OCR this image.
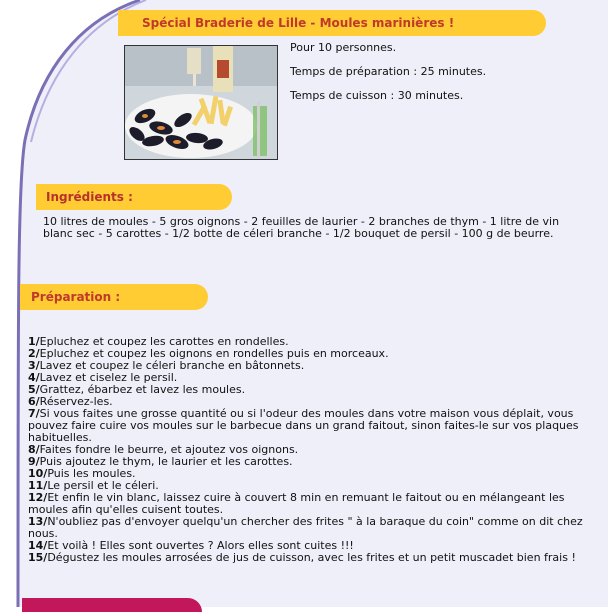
Spécial Braderie de Lille - Moules marinières !

Pour 10 personnes.

Temps de préparation : 25 minutes.

Temps de cuisson : 30 minutes.

Ingrédients :
10 litres de moules - 5 gros oignons - 2 feuilles de laurier - 2 branches de thym - 1 litre de vin blanc sec - 5 carottes - 1/2 botte de céleri branche - 1/2 bouquet de persil - 100 g de beurre.
Préparation :

1/Epluchez et coupez les carottes en rondelles.

2/Epluchez et coupez les oignons en rondelles puis en morceaux.

3/Lavez et coupez le céleri branche en bâtonnets.

4/Lavez et ciselez le persil.

5/Grattez, ébarbez et lavez les moules.

6/Réservez-les.

7/Si vous faites une grosse quantité ou si l'odeur des moules dans votre maison vous déplait, vous pouvez faire cuire vos moules sur le barbecue dans un grand faitout, sinon faites-le sur vos plaques habituelles.

8/Faites fondre le beurre, et ajoutez vos oignons.

9/Puis ajoutez le thym, le laurier et les carottes.

10/Puis les moules.

11/Le persil et le céleri.

12/Et enfin le vin blanc, laissez cuire à couvert 8 min en remuant le faitout ou en mélangeant les moules afin qu'elles cuisent toutes.

13/N'oubliez pas d'envoyer quelqu'un chercher des frites " à la baraque du coin" comme on dit chez nous.

14/Et voilà ! Elles sont ouvertes ? Alors elles sont cuites !!!

15/Dégustez les moules arrosées de jus de cuisson, avec les frites et un petit muscadet bien frais !
